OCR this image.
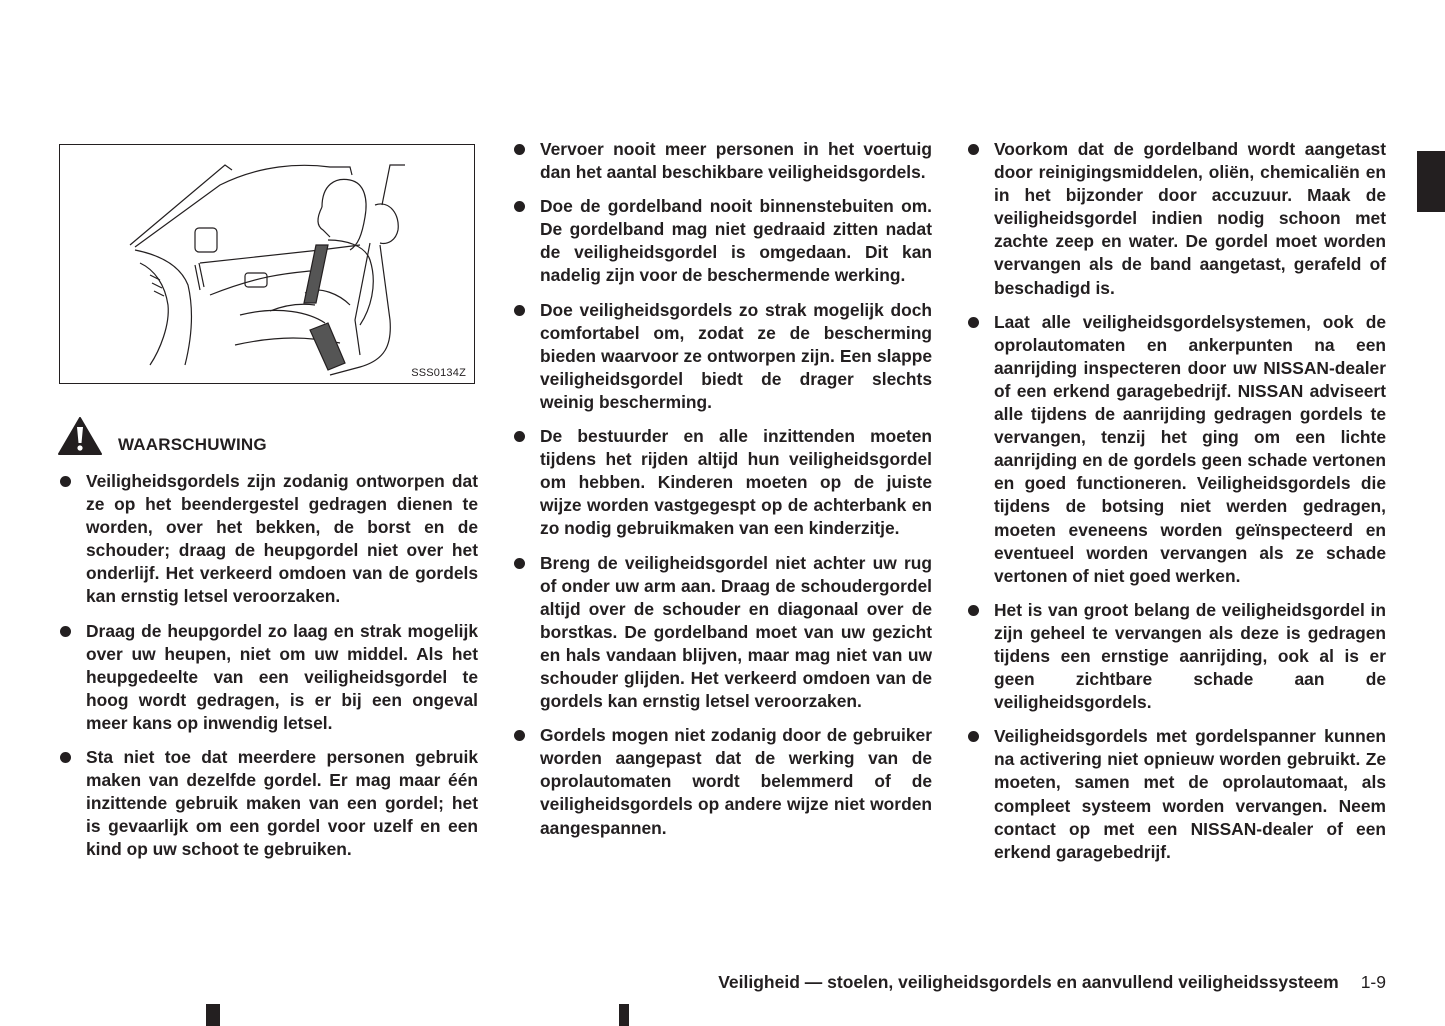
SSS0134Z
WAARSCHUWING
Veiligheidsgordels zijn zodanig ontworpen dat ze op het beendergestel gedragen dienen te worden, over het bekken, de borst en de schouder; draag de heupgordel niet over het onderlijf. Het verkeerd omdoen van de gordels kan ernstig letsel veroorzaken.
Draag de heupgordel zo laag en strak mogelijk over uw heupen, niet om uw middel. Als het heupgedeelte van een veiligheidsgordel te hoog wordt gedragen, is er bij een ongeval meer kans op inwendig letsel.
Sta niet toe dat meerdere personen gebruik maken van dezelfde gordel. Er mag maar één inzittende gebruik maken van een gordel; het is gevaarlijk om een gordel voor uzelf en een kind op uw schoot te gebruiken.
Vervoer nooit meer personen in het voertuig dan het aantal beschikbare veiligheidsgordels.
Doe de gordelband nooit binnenstebuiten om. De gordelband mag niet gedraaid zitten nadat de veiligheidsgordel is omgedaan. Dit kan nadelig zijn voor de beschermende werking.
Doe veiligheidsgordels zo strak mogelijk doch comfortabel om, zodat ze de bescherming bieden waarvoor ze ontworpen zijn. Een slappe veiligheidsgordel biedt de drager slechts weinig bescherming.
De bestuurder en alle inzittenden moeten tijdens het rijden altijd hun veiligheidsgordel om hebben. Kinderen moeten op de juiste wijze worden vastgegespt op de achterbank en zo nodig gebruikmaken van een kinderzitje.
Breng de veiligheidsgordel niet achter uw rug of onder uw arm aan. Draag de schoudergordel altijd over de schouder en diagonaal over de borstkas. De gordelband moet van uw gezicht en hals vandaan blijven, maar mag niet van uw schouder glijden. Het verkeerd omdoen van de gordels kan ernstig letsel veroorzaken.
Gordels mogen niet zodanig door de gebruiker worden aangepast dat de werking van de oprolautomaten wordt belemmerd of de veiligheidsgordels op andere wijze niet worden aangespannen.
Voorkom dat de gordelband wordt aangetast door reinigingsmiddelen, oliën, chemicaliën en in het bijzonder door accuzuur. Maak de veiligheidsgordel indien nodig schoon met zachte zeep en water. De gordel moet worden vervangen als de band aangetast, gerafeld of beschadigd is.
Laat alle veiligheidsgordelsystemen, ook de oprolautomaten en ankerpunten na een aanrijding inspecteren door uw NISSAN-dealer of een erkend garagebedrijf. NISSAN adviseert alle tijdens de aanrijding gedragen gordels te vervangen, tenzij het ging om een lichte aanrijding en de gordels geen schade vertonen en goed functioneren. Veiligheidsgordels die tijdens de botsing niet werden gedragen, moeten eveneens worden geïnspecteerd en eventueel worden vervangen als ze schade vertonen of niet goed werken.
Het is van groot belang de veiligheidsgordel in zijn geheel te vervangen als deze is gedragen tijdens een ernstige aanrijding, ook al is er geen zichtbare schade aan de veiligheidsgordels.
Veiligheidsgordels met gordelspanner kunnen na activering niet opnieuw worden gebruikt. Ze moeten, samen met de oprolautomaat, als compleet systeem worden vervangen. Neem contact op met een NISSAN-dealer of een erkend garagebedrijf.
Veiligheid — stoelen, veiligheidsgordels en aanvullend veiligheidssysteem 1-9
